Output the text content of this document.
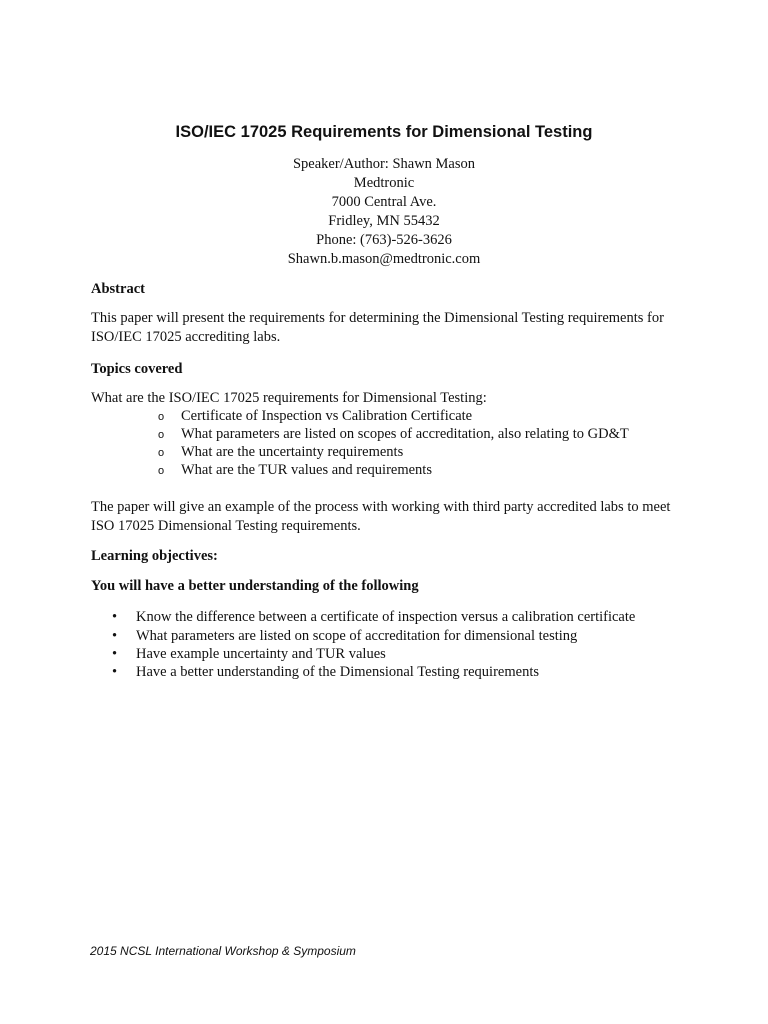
ISO/IEC 17025 Requirements for Dimensional Testing
Speaker/Author: Shawn Mason
Medtronic
7000 Central Ave.
Fridley, MN 55432
Phone: (763)-526-3626
Shawn.b.mason@medtronic.com

Abstract

This paper will present the requirements for determining the Dimensional Testing requirements for ISO/IEC 17025 accrediting labs.

Topics covered

What are the ISO/IEC 17025 requirements for Dimensional Testing:

o Certificate of Inspection vs Calibration Certificate
o What parameters are listed on scopes of accreditation, also relating to GD&T
o What are the uncertainty requirements
o What are the TUR values and requirements

The paper will give an example of the process with working with third party accredited labs to meet ISO 17025 Dimensional Testing requirements.

Learning objectives:

You will have a better understanding of the following

• Know the difference between a certificate of inspection versus a calibration certificate
• What parameters are listed on scope of accreditation for dimensional testing
• Have example uncertainty and TUR values
• Have a better understanding of the Dimensional Testing requirements
2015 NCSL International Workshop & Symposium
